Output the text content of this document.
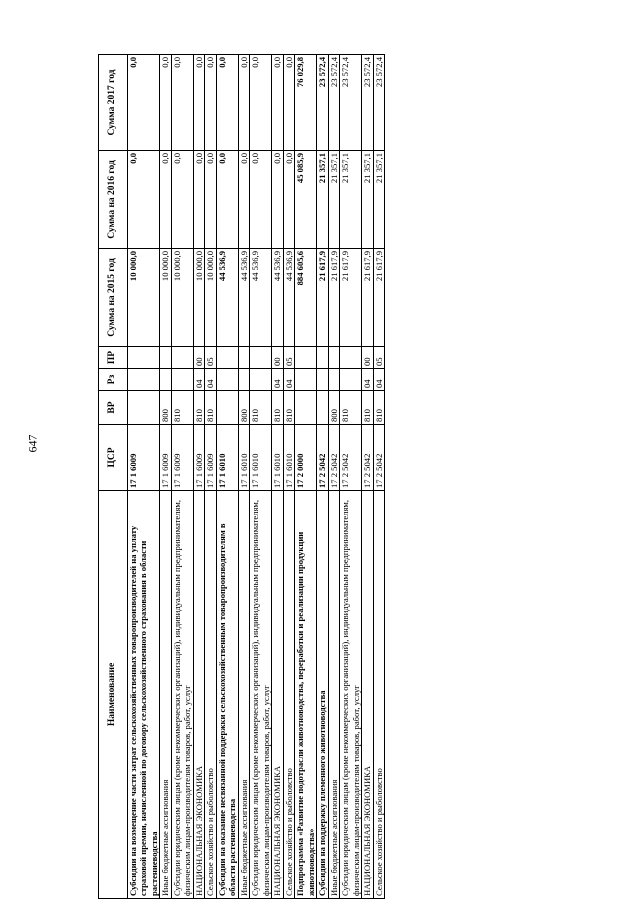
647
Наименование	ЦСР	ВР	Рз	ПР	Сумма на 2015 год	Сумма на 2016 год	Сумма 2017 год
Субсидии на возмещение части затрат сельскохозяйственных товаропроизводителей на уплату страховой премии, начисленной по договору сельскохозяйственного страхования в области растениеводства	17 1 6009				10 000,0	0,0	0,0
Иные бюджетные ассигнования	17 1 6009	800			10 000,0	0,0	0,0
Субсидии юридическим лицам (кроме некоммерческих организаций), индивидуальным предпринимателям, физическим лицам-производителям товаров, работ, услуг	17 1 6009	810			10 000,0	0,0	0,0
НАЦИОНАЛЬНАЯ ЭКОНОМИКА	17 1 6009	810	04	00	10 000,0	0,0	0,0
Сельское хозяйство и рыболовство	17 1 6009	810	04	05	10 000,0	0,0	0,0
Субсидии на оказание несвязанной поддержки сельскохозяйственным товаропроизводителям в области растениеводства	17 1 6010				44 536,9	0,0	0,0
Иные бюджетные ассигнования	17 1 6010	800			44 536,9	0,0	0,0
Субсидии юридическим лицам (кроме некоммерческих организаций), индивидуальным предпринимателям, физическим лицам-производителям товаров, работ, услуг	17 1 6010	810			44 536,9	0,0	0,0
НАЦИОНАЛЬНАЯ ЭКОНОМИКА	17 1 6010	810	04	00	44 536,9	0,0	0,0
Сельское хозяйство и рыболовство	17 1 6010	810	04	05	44 536,9	0,0	0,0
Подпрограмма «Развитие подотрасли животноводства, переработки и реализации продукции животноводства»	17 2 0000				884 605,6	45 085,9	76 029,8
Субсидии на поддержку племенного животноводства	17 2 5042				21 617,9	21 357,1	23 572,4
Иные бюджетные ассигнования	17 2 5042	800			21 617,9	21 357,1	23 572,4
Субсидии юридическим лицам (кроме некоммерческих организаций), индивидуальным предпринимателям, физическим лицам-производителям товаров, работ, услуг	17 2 5042	810			21 617,9	21 357,1	23 572,4
НАЦИОНАЛЬНАЯ ЭКОНОМИКА	17 2 5042	810	04	00	21 617,9	21 357,1	23 572,4
Сельское хозяйство и рыболовство	17 2 5042	810	04	05	21 617,9	21 357,1	23 572,4
